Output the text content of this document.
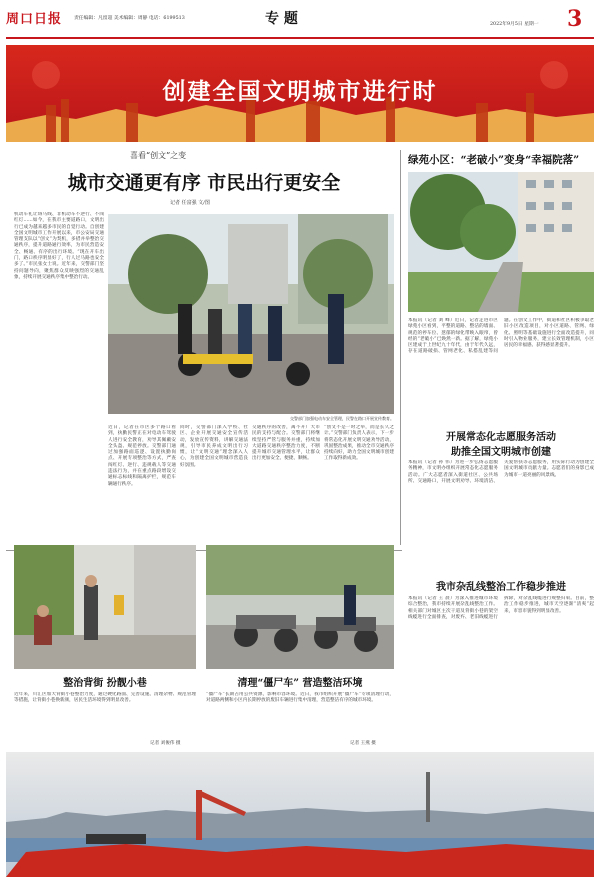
周口日报 责任编辑：凡留超 美术编辑：周静 电话：6199513	专 题	2022年9月5日 星期一 3
创建全国文明城市进行时
喜看“创文”之变
城市交通更有序 市民出行更安全
记者 任富强 文/图
机动车礼让斑马线、非机动车不逆行、不闯红灯……如今，在我市主要道路口，文明出行已成为越来越多市民的自觉行动。自创建全国文明城市工作开展以来，市公安局交通管理支队以“创文”为契机，多措并举整治交通秩序，提升道路通行效率，为市民营造安全、畅通、有序的出行环境。“现在开车出门，路口秩序明显好了，行人过马路也安全多了。”市民张女士说。近年来，交警部门坚持问题导向，聚焦群众反映强烈的交通乱象，持续开展交通秩序集中整治行动。
交警部门加强电动车安全管理，民警在路口开展宣传教育。
近日，记者在市区多个路口看到，执勤民警正在对电动车驾驶人进行安全教育，劝导其佩戴安全头盔、规范停放。交警部门通过加强路面巡逻、设置执勤岗点、开展专项整治等方式，严查闯红灯、逆行、违规载人等交通违法行为，并在重点路段增设交通标志标线和隔离护栏，规范车辆通行秩序。
同时，交警部门深入学校、社区、企业开展交通安全宣传活动，发放宣传资料，讲解交通法规，引导市民养成文明出行习惯，让“文明交通”理念深入人心，为创建全国文明城市营造良好氛围。
交通秩序的改善，离不开广大市民的支持与配合。交警部门将继续坚持严管与服务并重，持续加大道路交通秩序整治力度，不断提升城市交通管理水平，让群众出行更加安全、便捷、顺畅。
“创文不是一时之举，而是长久之计。”交警部门负责人表示，下一步将常态化开展文明交通劝导活动，巩固整治成果，推动全市交通秩序持续向好，助力全国文明城市创建工作取得新成效。
绿苑小区：“老破小”变身“幸福院落”
本报讯（记者 刘 峰）近日，记者走进市区绿苑小区看到，平整的道路、整洁的墙面、规范的停车位、葱郁的绿化带映入眼帘，曾经的“老破小”已焕然一新。据了解，绿苑小区建成于上世纪九十年代，由于年代久远，存在道路破损、管网老化、私搭乱建等问题。在创文工作中，街道和社区积极争取老旧小区改造项目，对小区道路、管网、绿化、照明等基础设施进行全面改造提升，同时引入物业服务，建立长效管理机制，小区居民的幸福感、获得感显著提升。
开展常态化志愿服务活动
助推全国文明城市创建
本报讯（记者 孙 伟）为进一步弘扬志愿服务精神，市文明办组织开展常态化志愿服务活动。广大志愿者深入街道社区、公共场所、交通路口，开展文明劝导、环境清洁、关爱帮扶等志愿服务，用实际行动为创建全国文明城市贡献力量。志愿者们的身影已成为城市一道亮丽的风景线。
我市杂乱线整治工作稳步推进
本报讯（记者 王 晨）为深入推进城市环境综合整治，我市持续开展杂乱线整治工作。相关部门对城区主次干道及背街小巷的架空线缆进行全面排查，对废弃、老旧线缆进行拆除，对杂乱线缆进行规整归束。目前，整治工作稳步推进，城市天空逐渐“清爽”起来，市容市貌得到明显改善。
整治背街 扮靓小巷	清理“僵尸车” 营造整洁环境
近年来，川汇区加大背街小巷整治力度，通过硬化路面、完善设施、清理杂物、规范管理等措施，让背街小巷换新颜，居民生活环境得到明显改善。
记者 刘俊伟 摄
“僵尸车”长期占用公共资源，影响市容环境。近日，我市组织开展“僵尸车”专项清理行动，对道路两侧和小区内长期停放的废旧车辆进行集中清理，营造整洁有序的城市环境。
记者 王燕 摄
